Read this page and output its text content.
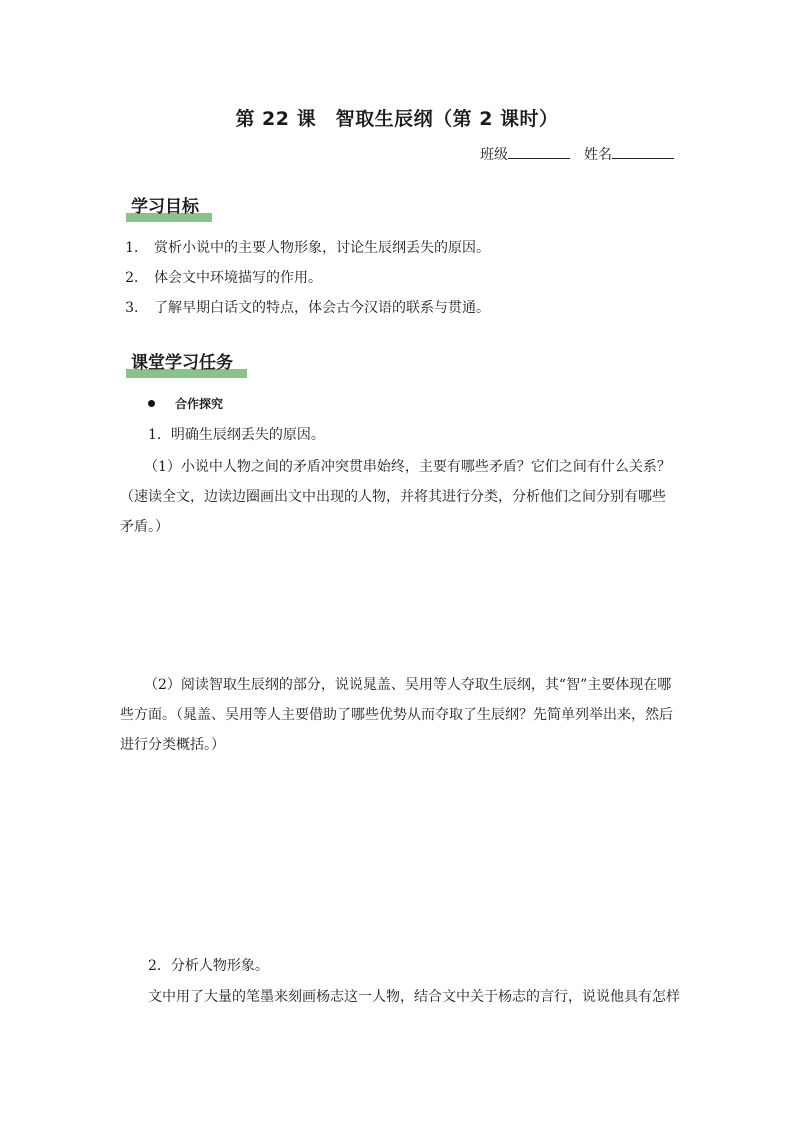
第 22 课　智取生辰纲（第 2 课时）
班级	姓名
学习目标
1． 赏析小说中的主要人物形象，讨论生辰纲丢失的原因。
2． 体会文中环境描写的作用。
3． 了解早期白话文的特点，体会古今汉语的联系与贯通。
课堂学习任务
合作探究
1．明确生辰纲丢失的原因。
（1）小说中人物之间的矛盾冲突贯串始终，主要有哪些矛盾？它们之间有什么关系？（速读全文，边读边圈画出文中出现的人物，并将其进行分类，分析他们之间分别有哪些矛盾。）
（2）阅读智取生辰纲的部分，说说晁盖、吴用等人夺取生辰纲，其“智”主要体现在哪些方面。（晁盖、吴用等人主要借助了哪些优势从而夺取了生辰纲？先简单列举出来，然后进行分类概括。）
2．分析人物形象。
文中用了大量的笔墨来刻画杨志这一人物，结合文中关于杨志的言行，说说他具有怎样
